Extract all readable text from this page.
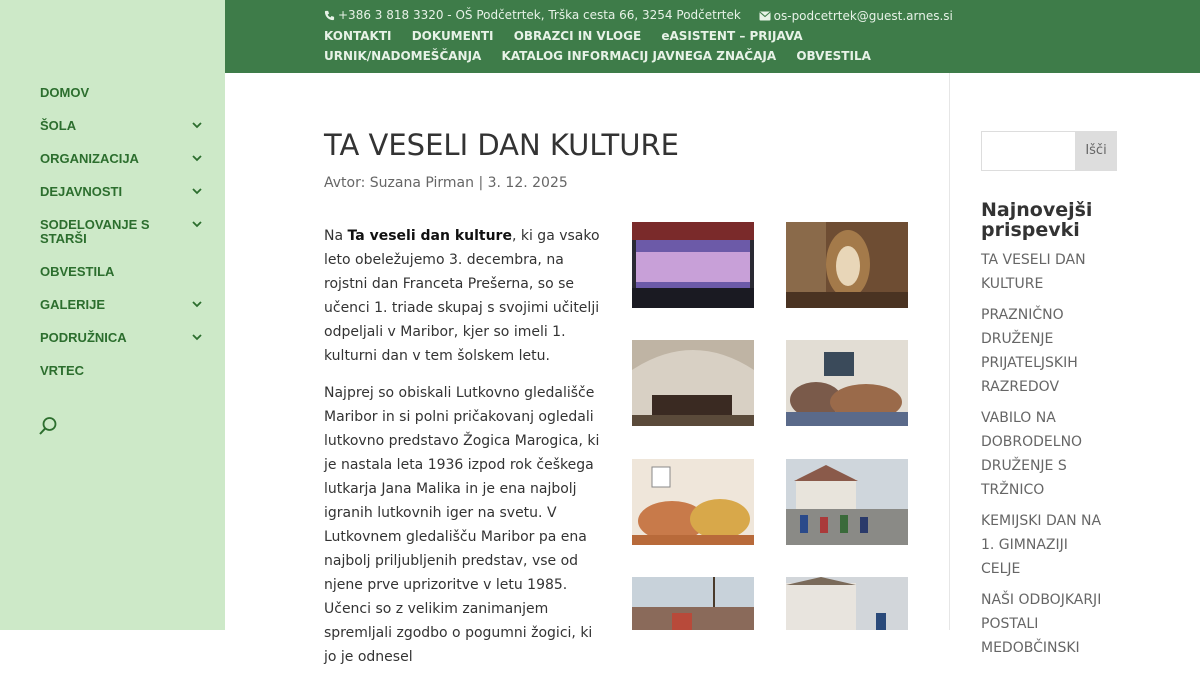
DOMOV
ŠOLA
ORGANIZACIJA
DEJAVNOSTI
SODELOVANJE S STARŠI
OBVESTILA
GALERIJE
PODRUŽNICA
VRTEC
+386 3 818 3320 - OŠ Podčetrtek, Trška cesta 66, 3254 Podčetrtek
	os-podcetrtek@guest.arnes.si
KONTAKTI DOKUMENTI OBRAZCI IN VLOGE eASISTENT – PRIJAVA URNIK/NADOMEŠČANJA KATALOG INFORMACIJ JAVNEGA ZNAČAJA OBVESTILA
TA VESELI DAN KULTURE
Avtor: Suzana Pirman | 3. 12. 2025

Na Ta veseli dan kulture, ki ga vsako leto obeležujemo 3. decembra, na rojstni dan Franceta Prešerna, so se učenci 1. triade skupaj s svojimi učitelji odpeljali v Maribor, kjer so imeli 1. kulturni dan v tem šolskem letu.

Najprej so obiskali Lutkovno gledališče Maribor in si polni pričakovanj ogledali lutkovno predstavo Žogica Marogica, ki je nastala leta 1936 izpod rok češkega lutkarja Jana Malika in je ena najbolj igranih lutkovnih iger na svetu. V Lutkovnem gledališču Maribor pa ena najbolj priljubljenih predstav, vse od njene prve uprizoritve v letu 1985. Učenci so z velikim zanimanjem spremljali zgodbo o pogumni žogici, ki jo je odnesel

Išči
Najnovejši prispevki
TA VESELI DAN KULTURE
PRAZNIČNO DRUŽENJE PRIJATELJSKIH RAZREDOV
VABILO NA DOBRODELNO DRUŽENJE S TRŽNICO
KEMIJSKI DAN NA 1. GIMNAZIJI CELJE
NAŠI ODBOJKARJI POSTALI MEDOBČINSKI
